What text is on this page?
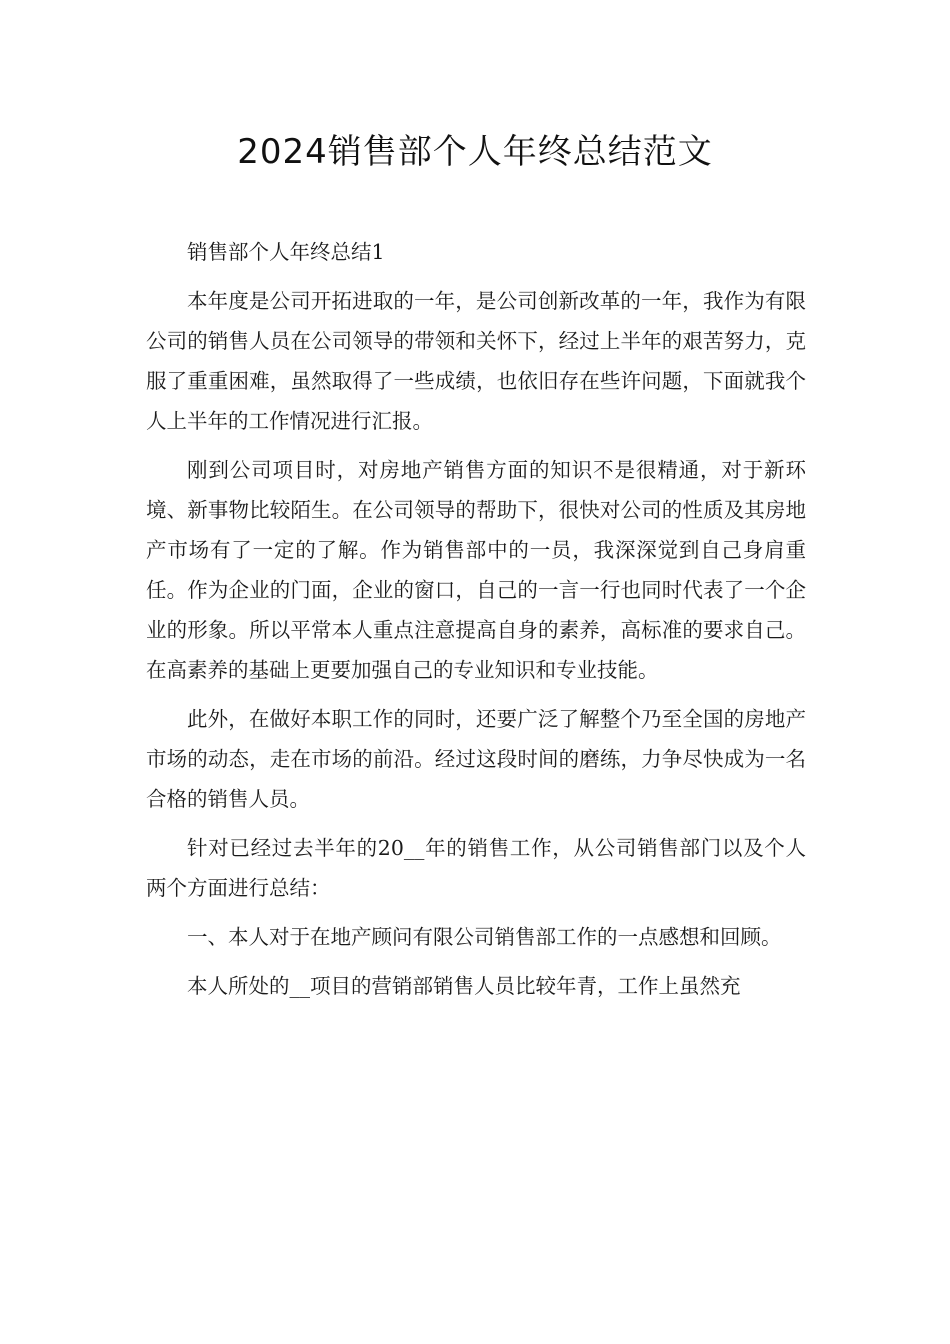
2024销售部个人年终总结范文

销售部个人年终总结1

本年度是公司开拓进取的一年，是公司创新改革的一年，我作为有限公司的销售人员在公司领导的带领和关怀下，经过上半年的艰苦努力，克服了重重困难，虽然取得了一些成绩，也依旧存在些许问题，下面就我个人上半年的工作情况进行汇报。

刚到公司项目时，对房地产销售方面的知识不是很精通，对于新环境、新事物比较陌生。在公司领导的帮助下，很快对公司的性质及其房地产市场有了一定的了解。作为销售部中的一员，我深深觉到自己身肩重任。作为企业的门面，企业的窗口，自己的一言一行也同时代表了一个企业的形象。所以平常本人重点注意提高自身的素养，高标准的要求自己。在高素养的基础上更要加强自己的专业知识和专业技能。

此外，在做好本职工作的同时，还要广泛了解整个乃至全国的房地产市场的动态，走在市场的前沿。经过这段时间的磨练，力争尽快成为一名合格的销售人员。

针对已经过去半年的20__年的销售工作，从公司销售部门以及个人两个方面进行总结：

一、本人对于在地产顾问有限公司销售部工作的一点感想和回顾。

本人所处的__项目的营销部销售人员比较年青，工作上虽然充
